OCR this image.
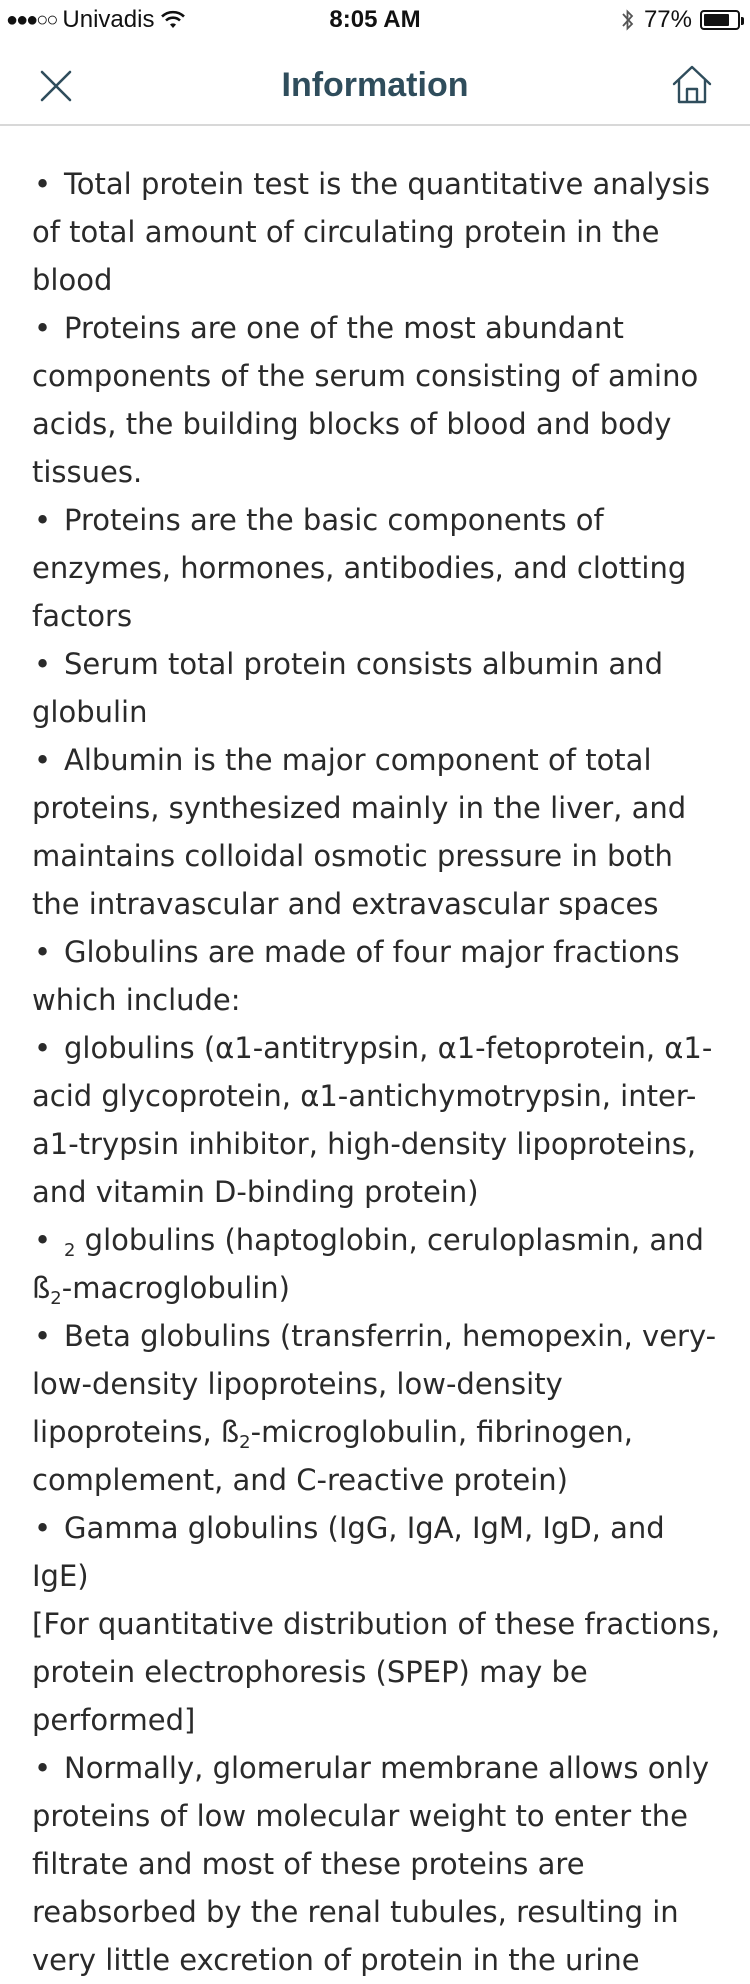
●●●○○ Univadis	8:05 AM	77%
Information

• Total protein test is the quantitative analysis of total amount of circulating protein in the blood

• Proteins are one of the most abundant components of the serum consisting of amino acids, the building blocks of blood and body tissues.

• Proteins are the basic components of enzymes, hormones, antibodies, and clotting factors

• Serum total protein consists albumin and globulin

• Albumin is the major component of total proteins, synthesized mainly in the liver, and maintains colloidal osmotic pressure in both the intravascular and extravascular spaces

• Globulins are made of four major fractions which include:

• globulins (α1-antitrypsin, α1-fetoprotein, α1-acid glycoprotein, α1-antichymotrypsin, inter-a1-trypsin inhibitor, high-density lipoproteins, and vitamin D-binding protein)

• $_2$ globulins (haptoglobin, ceruloplasmin, and $ß_2-macroglobulin$)

• Beta globulins (transferrin, hemopexin, very-low-density lipoproteins, low-density lipoproteins, $ß_2$-microglobulin, fibrinogen, complement, and C-reactive protein)

• Gamma globulins (IgG, IgA, IgM, IgD, and IgE)

[For quantitative distribution of these fractions, protein electrophoresis (SPEP) may be performed]

• Normally, glomerular membrane allows only proteins of low molecular weight to enter the filtrate and most of these proteins are reabsorbed by the renal tubules, resulting in very little excretion of protein in the urine
